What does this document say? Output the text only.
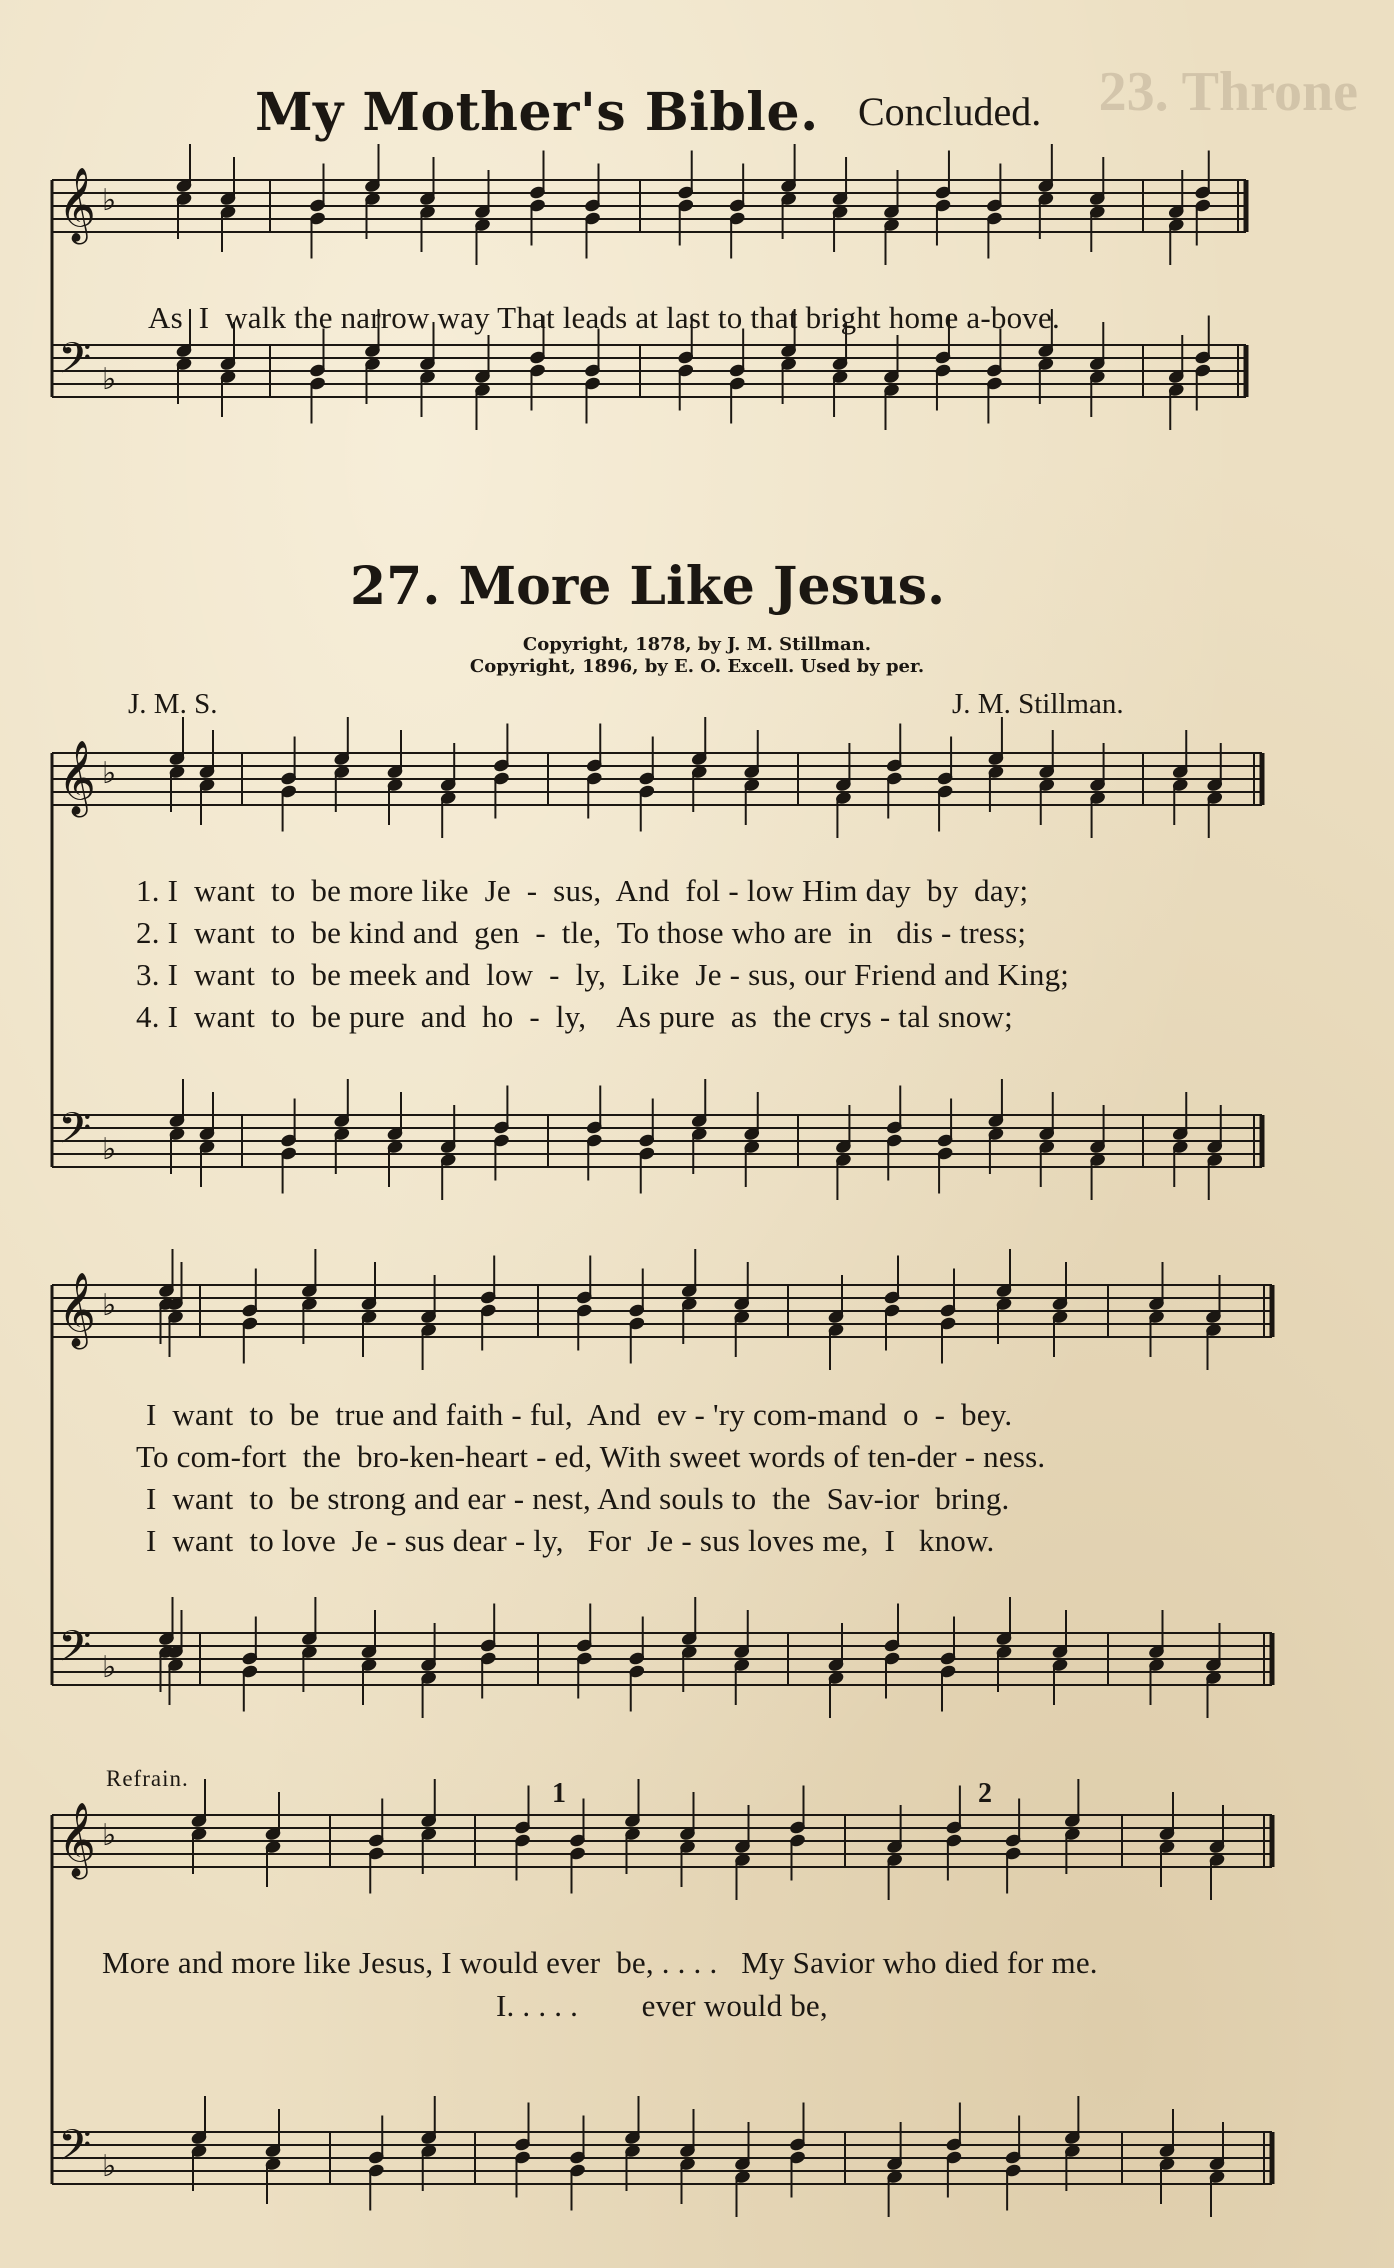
23. Throne
𝄞 ♭
𝄢 ♭
𝄞 ♭
𝄢 ♭
𝄞 ♭
𝄢 ♭
𝄞 ♭
𝄢 ♭
My Mother's Bible. Concluded.
As  I  walk the narrow way That leads at last to that bright home a-bove.
27. More Like Jesus.
Copyright, 1878, by J. M. Stillman.
Copyright, 1896, by E. O. Excell. Used by per.
J. M. S.	J. M. Stillman.
1. I  want  to  be more like  Je  -  sus,  And  fol - low Him day  by  day;
2. I  want  to  be kind and  gen  -  tle,  To those who are  in   dis - tress;
3. I  want  to  be meek and  low  -  ly,  Like  Je - sus, our Friend and King;
4. I  want  to  be pure  and  ho  -  ly,    As pure  as  the crys - tal snow;
I  want  to  be  true and faith - ful,  And  ev - 'ry com-mand  o  -  bey.
To com-fort  the  bro-ken-heart - ed, With sweet words of ten-der - ness.
I  want  to  be strong and ear - nest, And souls to  the  Sav-ior  bring.
I  want  to love  Je - sus dear - ly,   For  Je - sus loves me,  I   know.
Refrain.	1	2
More and more like Jesus, I would ever  be, . . . .   My Savior who died for me.
I. . . . .        ever would be,
